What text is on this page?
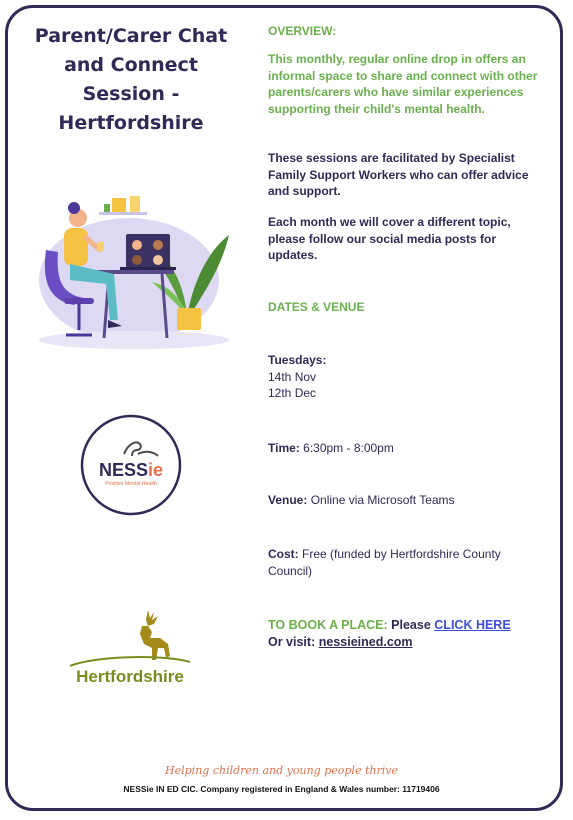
Parent/Carer Chat and Connect Session - Hertfordshire
NESSie
Positive Mental Health
Hertfordshire
OVERVIEW:
This monthly, regular online drop in offers an informal space to share and connect with other parents/carers who have similar experiences supporting their child's mental health.
These sessions are facilitated by Specialist Family Support Workers who can offer advice and support.
Each month we will cover a different topic, please follow our social media posts for updates.
DATES & VENUE
Tuesdays:
14th Nov
12th Dec
Time: 6:30pm - 8:00pm
Venue: Online via Microsoft Teams
Cost: Free (funded by Hertfordshire County Council)
TO BOOK A PLACE: Please CLICK HERE
Or visit: nessieined.com
Helping children and young people thrive
NESSie IN ED CIC. Company registered in England & Wales number: 11719406
